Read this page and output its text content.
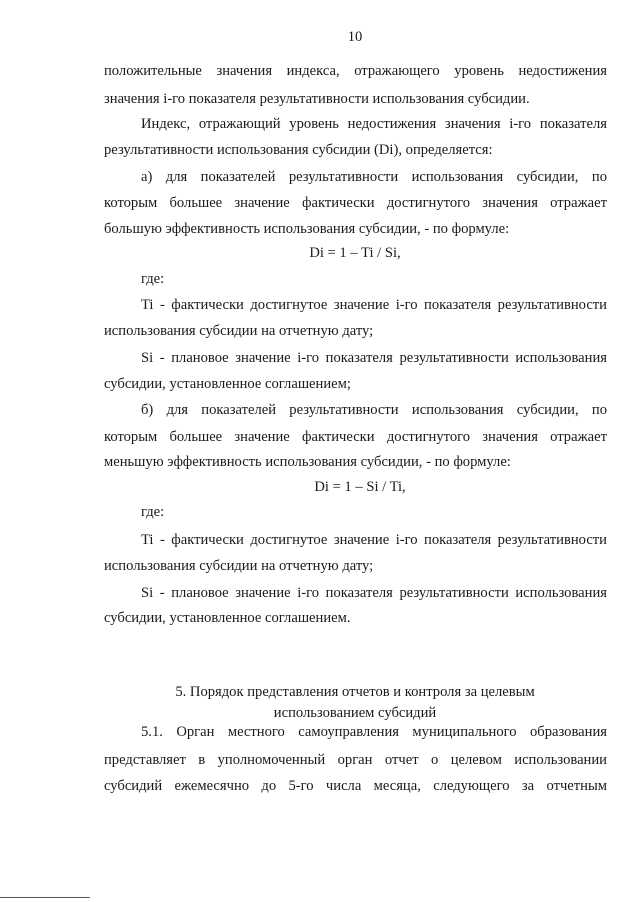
10
положительные значения индекса, отражающего уровень недостижения
значения i-го показателя результативности использования субсидии.
Индекс, отражающий уровень недостижения значения i-го показателя
результативности использования субсидии (Di), определяется:
а) для показателей результативности использования субсидии, по
которым большее значение фактически достигнутого значения отражает
большую эффективность использования субсидии, - по формуле:
Di = 1 – Ti / Si,
где:
Ti - фактически достигнутое значение i-го показателя результативности
использования субсидии на отчетную дату;
Si - плановое значение i-го показателя результативности использования
субсидии, установленное соглашением;
б) для показателей результативности использования субсидии, по
которым большее значение фактически достигнутого значения отражает
меньшую эффективность использования субсидии, - по формуле:
Di = 1 – Si / Ti,
где:
Ti - фактически достигнутое значение i-го показателя результативности
использования субсидии на отчетную дату;
Si - плановое значение i-го показателя результативности использования
субсидии, установленное соглашением.
5. Порядок представления отчетов и контроля за целевым
использованием субсидий
5.1. Орган местного самоуправления муниципального образования
представляет в уполномоченный орган отчет о целевом использовании
субсидий ежемесячно до 5-го числа месяца, следующего за отчетным
